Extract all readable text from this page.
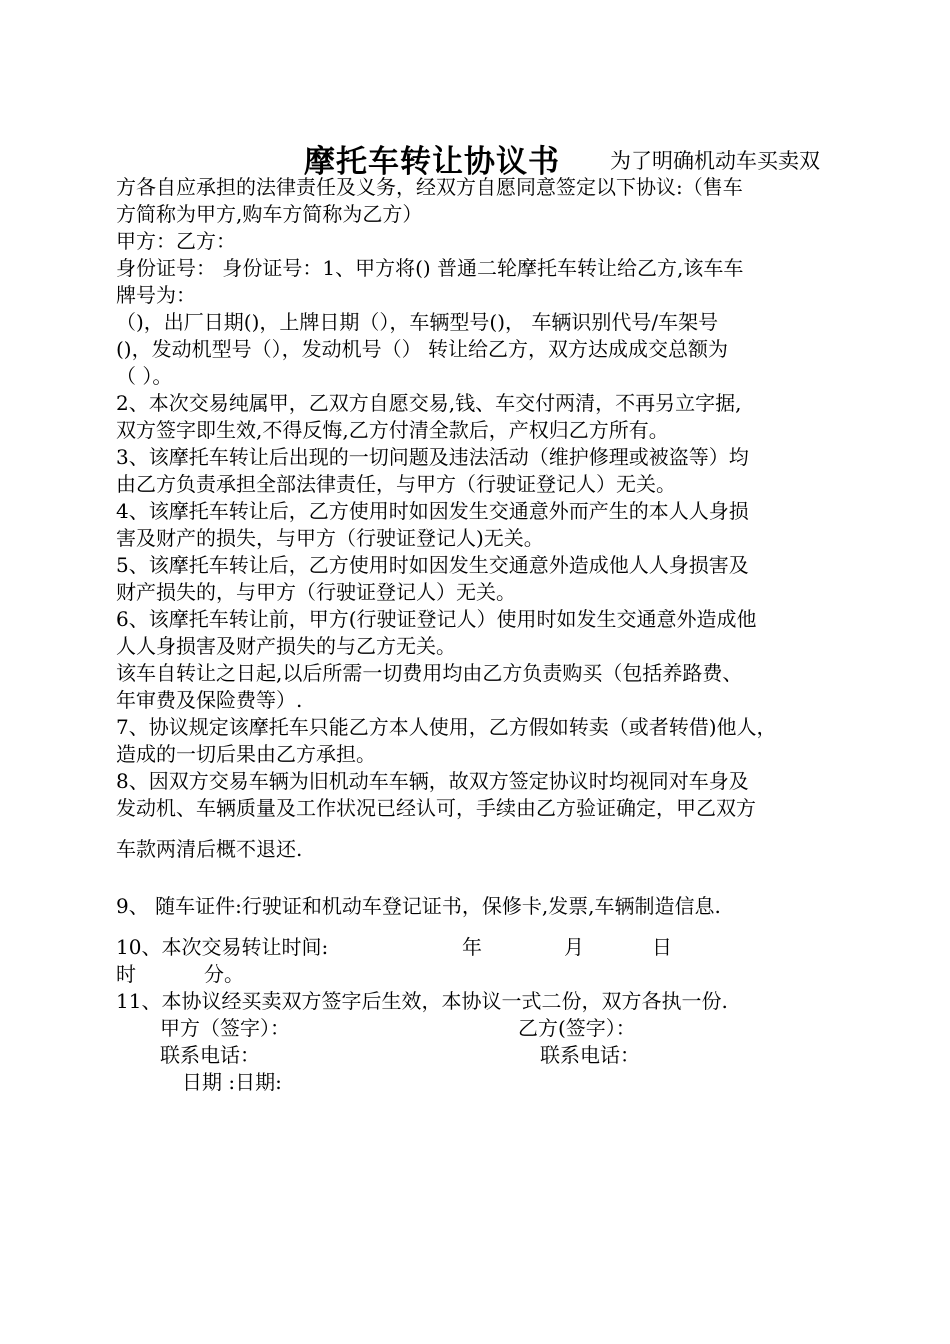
摩托车转让协议书 为了明确机动车买卖双
方各自应承担的法律责任及义务，经双方自愿同意签定以下协议:（售车
方简称为甲方,购车方简称为乙方）
甲方：乙方：
身份证号： 身份证号：1、甲方将() 普通二轮摩托车转让给乙方,该车车
牌号为：
（)，出厂日期()，上牌日期（），车辆型号()， 车辆识别代号/车架号
()，发动机型号（），发动机号（） 转让给乙方，双方达成成交总额为
（ ）。
2、本次交易纯属甲，乙双方自愿交易,钱、车交付两清，不再另立字据,
双方签字即生效,不得反悔,乙方付清全款后，产权归乙方所有。
3、该摩托车转让后出现的一切问题及违法活动（维护修理或被盗等）均
由乙方负责承担全部法律责任，与甲方（行驶证登记人）无关。
4、该摩托车转让后，乙方使用时如因发生交通意外而产生的本人人身损
害及财产的损失，与甲方（行驶证登记人)无关。
5、该摩托车转让后，乙方使用时如因发生交通意外造成他人人身损害及
财产损失的，与甲方（行驶证登记人）无关。
6、该摩托车转让前，甲方(行驶证登记人）使用时如发生交通意外造成他
人人身损害及财产损失的与乙方无关。
该车自转让之日起,以后所需一切费用均由乙方负责购买（包括养路费、
年审费及保险费等）.
7、协议规定该摩托车只能乙方本人使用，乙方假如转卖（或者转借)他人，
造成的一切后果由乙方承担。
8、因双方交易车辆为旧机动车车辆，故双方签定协议时均视同对车身及
发动机、车辆质量及工作状况已经认可，手续由乙方验证确定，甲乙双方
车款两清后概不退还.
9、 随车证件:行驶证和机动车登记证书，保修卡,发票,车辆制造信息.
10、本次交易转让时间:	年	月	日
时	分。
11、本协议经买卖双方签字后生效，本协议一式二份，双方各执一份.
甲方（签字）：	乙方(签字）：
联系电话：	联系电话：
日期 :日期:
